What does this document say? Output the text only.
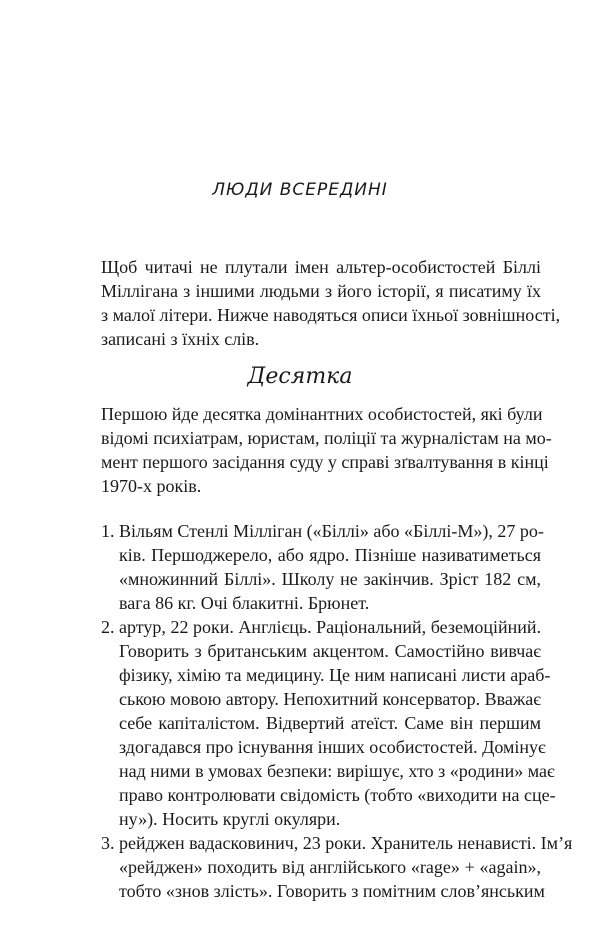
ЛЮДИ ВСЕРЕДИНІ
Щоб читачі не плутали імен альтер-особистостей Біллі
Міллігана з іншими людьми з його історії, я писатиму їх
з малої літери. Нижче наводяться описи їхньої зовнішності,
записані з їхніх слів.
Десятка
Першою йде десятка домінантних особистостей, які були
відомі психіатрам, юристам, поліції та журналістам на мо-
мент першого засідання суду у справі зґвалтування в кінці
1970-х років.
1. Вільям Стенлі Мілліган («Біллі» або «Біллі-М»), 27 ро-
ків. Першоджерело, або ядро. Пізніше називатиметься
«множинний Біллі». Школу не закінчив. Зріст 182 см,
вага 86 кг. Очі блакитні. Брюнет.
2. артур, 22 роки. Англієць. Раціональний, беземоційний.
Говорить з британським акцентом. Самостійно вивчає
фізику, хімію та медицину. Це ним написані листи араб-
ською мовою автору. Непохитний консерватор. Вважає
себе капіталістом. Відвертий атеїст. Саме він першим
здогадався про існування інших особистостей. Домінує
над ними в умовах безпеки: вирішує, хто з «родини» має
право контролювати свідомість (тобто «виходити на сце-
ну»). Носить круглі окуляри.
3. рейджен вадасковинич, 23 роки. Хранитель ненависті. Ім’я
«рейджен» походить від англійського «rage» + «again»,
тобто «знов злість». Говорить з помітним слов’янським
